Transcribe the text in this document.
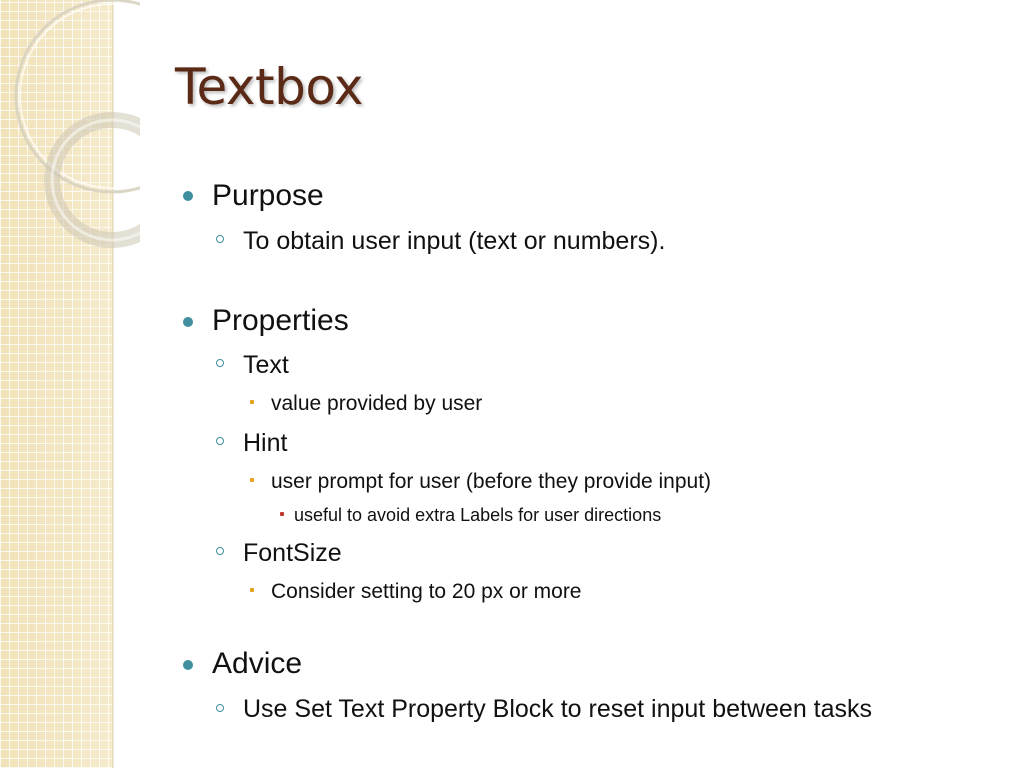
Textbox
Purpose
To obtain user input (text or numbers).
Properties
Text
value provided by user
Hint
user prompt for user (before they provide input)
useful to avoid extra Labels for user directions
FontSize
Consider setting to 20 px or more
Advice
Use Set Text Property Block to reset input between tasks
